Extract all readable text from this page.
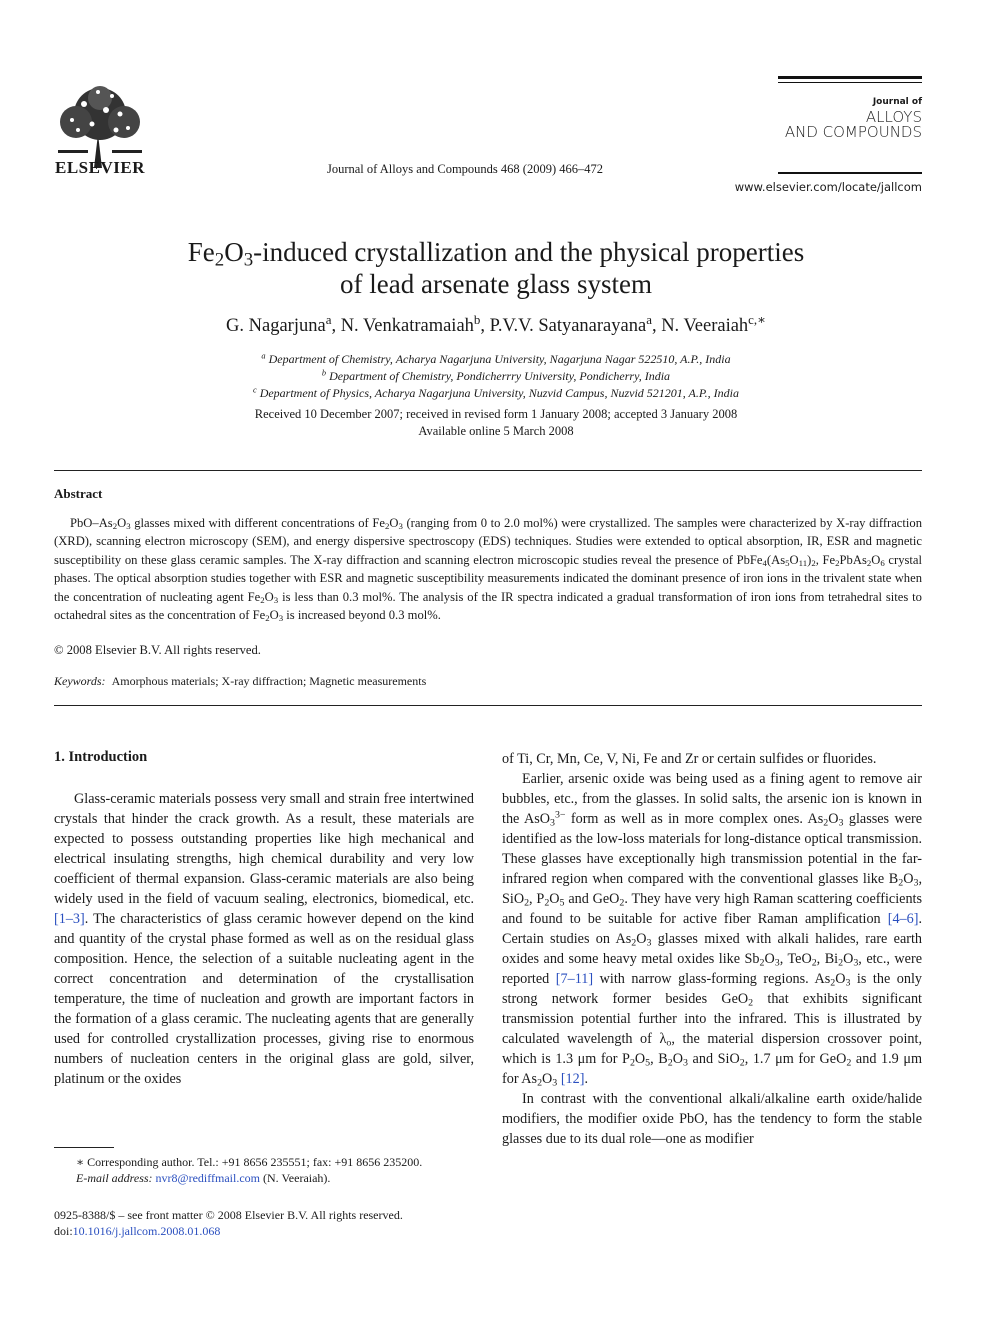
ELSEVIER	Journal of Alloys and Compounds 468 (2009) 466–472
Journal of
ALLOYS
AND COMPOUNDS
www.elsevier.com/locate/jallcom
$Fe_2O_3$-induced crystallization and the physical properties
of lead arsenate glass system
G. Nagarjuna$^a$, N. Venkatramaiah$^b$, P.V.V. Satyanarayana$^a$, N. Veeraiah$^{c,∗}$
$^a$ Department of Chemistry, Acharya Nagarjuna University, Nagarjuna Nagar 522510, A.P., India
$^b$ Department of Chemistry, Pondicherrry University, Pondicherry, India
$^c$ Department of Physics, Acharya Nagarjuna University, Nuzvid Campus, Nuzvid 521201, A.P., India
Received 10 December 2007; received in revised form 1 January 2008; accepted 3 January 2008
Available online 5 March 2008
Abstract
PbO–$As_2O_3$ glasses mixed with different concentrations of $Fe_2O_3$ (ranging from 0 to 2.0 mol%) were crystallized. The samples were characterized by X-ray diffraction (XRD), scanning electron microscopy (SEM), and energy dispersive spectroscopy (EDS) techniques. Studies were extended to optical absorption, IR, ESR and magnetic susceptibility on these glass ceramic samples. The X-ray diffraction and scanning electron microscopic studies reveal the presence of $PbFe_4(As_5O_{11})_2$, $Fe_2PbAs_2O_6$ crystal phases. The optical absorption studies together with ESR and magnetic susceptibility measurements indicated the dominant presence of iron ions in the trivalent state when the concentration of nucleating agent $Fe_2O_3$ is less than 0.3 mol%. The analysis of the IR spectra indicated a gradual transformation of iron ions from tetrahedral sites to octahedral sites as the concentration of $Fe_2O_3$ is increased beyond 0.3 mol%.
© 2008 Elsevier B.V. All rights reserved.
Keywords: Amorphous materials; X-ray diffraction; Magnetic measurements
1. Introduction

Glass-ceramic materials possess very small and strain free intertwined crystals that hinder the crack growth. As a result, these materials are expected to possess outstanding properties like high mechanical and electrical insulating strengths, high chemical durability and very low coefficient of thermal expansion. Glass-ceramic materials are also being widely used in the field of vacuum sealing, electronics, biomedical, etc. [1–3]. The characteristics of glass ceramic however depend on the kind and quantity of the crystal phase formed as well as on the residual glass composition. Hence, the selection of a suitable nucleating agent in the correct concentration and determination of the crystallisation temperature, the time of nucleation and growth are important factors in the formation of a glass ceramic. The nucleating agents that are generally used for controlled crystallization processes, giving rise to enormous numbers of nucleation centers in the original glass are gold, silver, platinum or the oxides

of Ti, Cr, Mn, Ce, V, Ni, Fe and Zr or certain sulfides or fluorides.

Earlier, arsenic oxide was being used as a fining agent to remove air bubbles, etc., from the glasses. In solid salts, the arsenic ion is known in the AsO$_3^{3-}$ form as well as in more complex ones. $As_2O_3$ glasses were identified as the low-loss materials for long-distance optical transmission. These glasses have exceptionally high transmission potential in the far-infrared region when compared with the conventional glasses like $B_2O_3$, SiO$_2$, $P_2O_5$ and GeO$_2$. They have very high Raman scattering coefficients and found to be suitable for active fiber Raman amplification [4–6]. Certain studies on $As_2O_3$ glasses mixed with alkali halides, rare earth oxides and some heavy metal oxides like $Sb_2O_3$, TeO$_2$, $Bi_2O_3$, etc., were reported [7–11] with narrow glass-forming regions. $As_2O_3$ is the only strong network former besides GeO$_2$ that exhibits significant transmission potential further into the infrared. This is illustrated by calculated wavelength of $\lambda_o$, the material dispersion crossover point, which is 1.3 μm for $P_2O_5$, $B_2O_3$ and SiO$_2$, 1.7 μm for GeO$_2$ and 1.9 μm for $As_2O_3$ [12].

In contrast with the conventional alkali/alkaline earth oxide/halide modifiers, the modifier oxide PbO, has the tendency to form the stable glasses due to its dual role—one as modifier

∗ Corresponding author. Tel.: +91 8656 235551; fax: +91 8656 235200.
E-mail address: nvr8@rediffmail.com (N. Veeraiah).
0925-8388/$ – see front matter © 2008 Elsevier B.V. All rights reserved.
doi:10.1016/j.jallcom.2008.01.068
